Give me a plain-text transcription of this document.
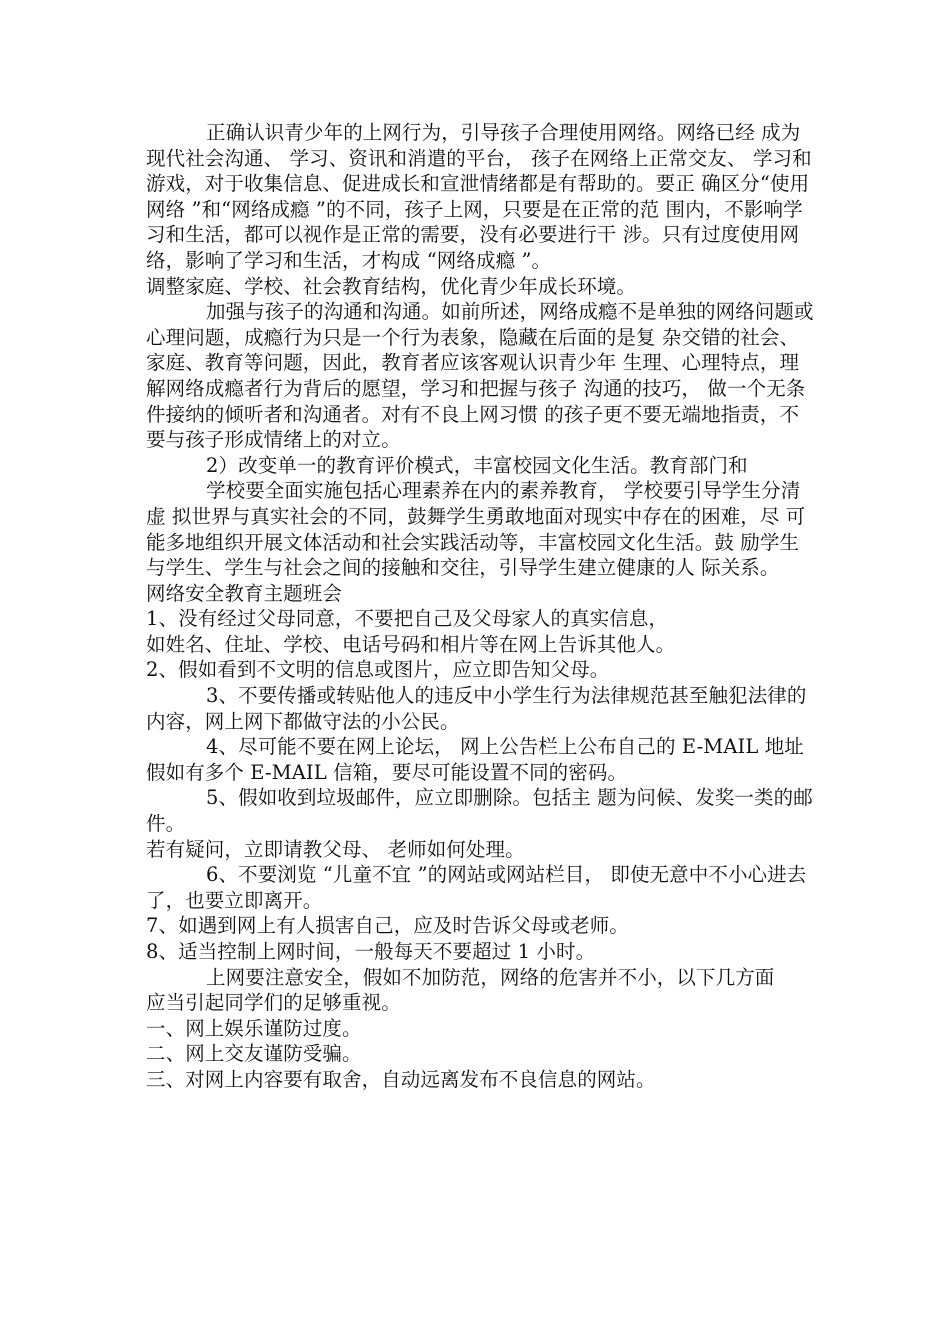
正确认识青少年的上网行为，引导孩子合理使用网络。网络已经 成为现代社会沟通、 学习、资讯和消遣的平台， 孩子在网络上正常交友、 学习和游戏，对于收集信息、促进成长和宣泄情绪都是有帮助的。要正 确区分“使用网络 ”和“网络成瘾 ”的不同，孩子上网，只要是在正常的范 围内，不影响学习和生活，都可以视作是正常的需要，没有必要进行干 涉。只有过度使用网络，影响了学习和生活，才构成 “网络成瘾 ”。

调整家庭、学校、社会教育结构，优化青少年成长环境。

加强与孩子的沟通和沟通。如前所述，网络成瘾不是单独的网络问题或心理问题，成瘾行为只是一个行为表象，隐藏在后面的是复 杂交错的社会、家庭、教育等问题，因此，教育者应该客观认识青少年 生理、心理特点，理解网络成瘾者行为背后的愿望，学习和把握与孩子 沟通的技巧， 做一个无条件接纳的倾听者和沟通者。对有不良上网习惯 的孩子更不要无端地指责，不要与孩子形成情绪上的对立。

2）改变单一的教育评价模式，丰富校园文化生活。教育部门和

学校要全面实施包括心理素养在内的素养教育， 学校要引导学生分清虚 拟世界与真实社会的不同，鼓舞学生勇敢地面对现实中存在的困难，尽 可能多地组织开展文体活动和社会实践活动等，丰富校园文化生活。鼓 励学生与学生、学生与社会之间的接触和交往，引导学生建立健康的人 际关系。

网络安全教育主题班会

1、没有经过父母同意，不要把自己及父母家人的真实信息，

如姓名、住址、学校、电话号码和相片等在网上告诉其他人。

2、假如看到不文明的信息或图片，应立即告知父母。

3、不要传播或转贴他人的违反中小学生行为法律规范甚至触犯法律的

内容，网上网下都做守法的小公民。

4、尽可能不要在网上论坛， 网上公告栏上公布自己的 E-MAIL 地址 假如有多个 E-MAIL 信箱，要尽可能设置不同的密码。

5、假如收到垃圾邮件，应立即删除。包括主 题为问候、发奖一类的邮件。

若有疑问，立即请教父母、 老师如何处理。

6、不要浏览 “儿童不宜 ”的网站或网站栏目， 即使无意中不小心进去 了，也要立即离开。

7、如遇到网上有人损害自己，应及时告诉父母或老师。

8、适当控制上网时间，一般每天不要超过 1 小时。

上网要注意安全，假如不加防范，网络的危害并不小，以下几方面

应当引起同学们的足够重视。

一、网上娱乐谨防过度。

二、网上交友谨防受骗。

三、对网上内容要有取舍，自动远离发布不良信息的网站。
